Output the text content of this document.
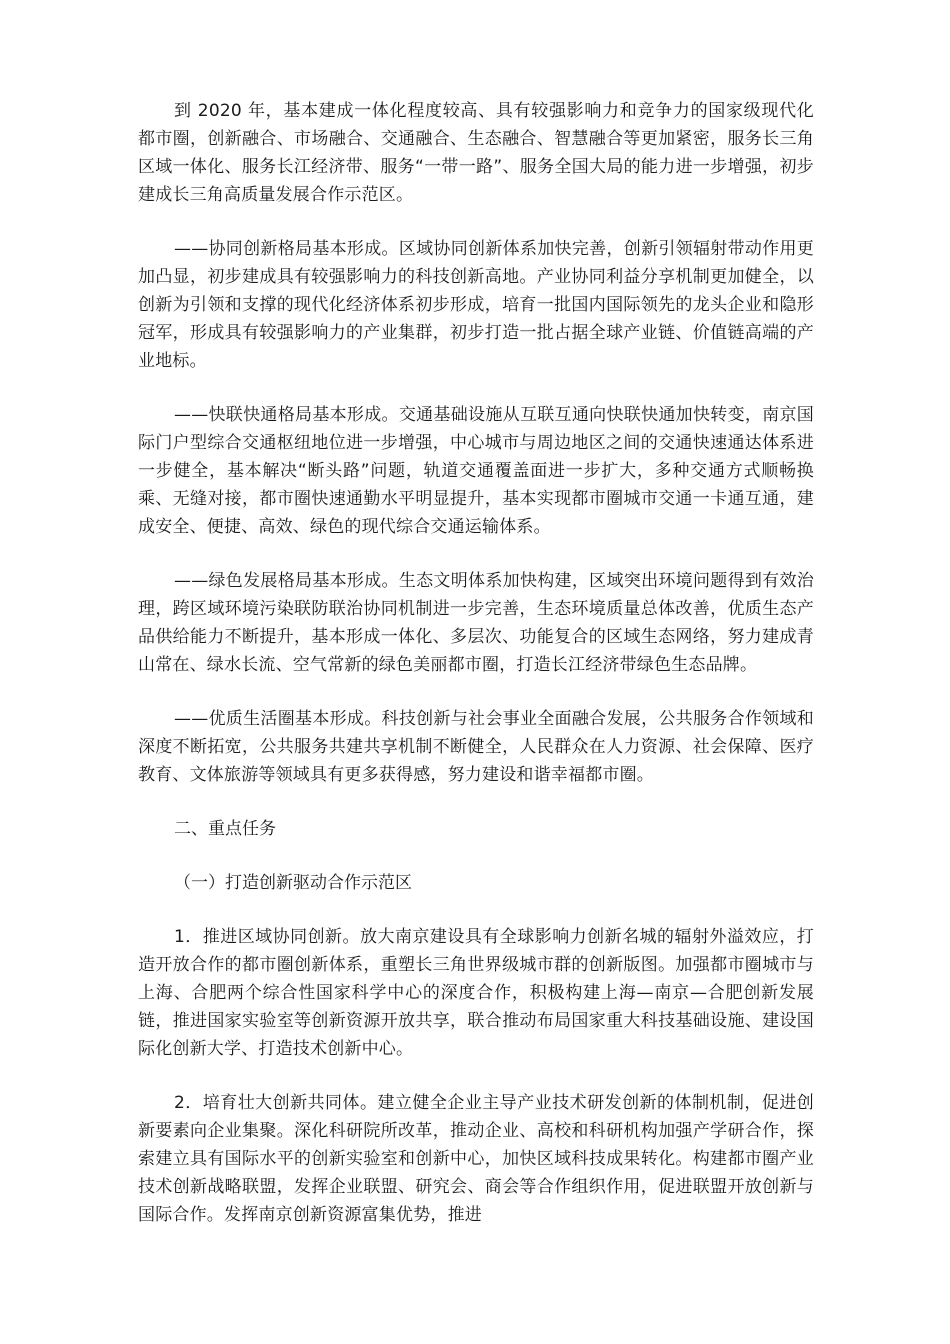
到 2020 年，基本建成一体化程度较高、具有较强影响力和竞争力的国家级现代化都市圈，创新融合、市场融合、交通融合、生态融合、智慧融合等更加紧密，服务长三角区域一体化、服务长江经济带、服务“一带一路”、服务全国大局的能力进一步增强，初步建成长三角高质量发展合作示范区。

——协同创新格局基本形成。区域协同创新体系加快完善，创新引领辐射带动作用更加凸显，初步建成具有较强影响力的科技创新高地。产业协同利益分享机制更加健全，以创新为引领和支撑的现代化经济体系初步形成，培育一批国内国际领先的龙头企业和隐形冠军，形成具有较强影响力的产业集群，初步打造一批占据全球产业链、价值链高端的产业地标。

——快联快通格局基本形成。交通基础设施从互联互通向快联快通加快转变，南京国际门户型综合交通枢纽地位进一步增强，中心城市与周边地区之间的交通快速通达体系进一步健全，基本解决“断头路”问题，轨道交通覆盖面进一步扩大，多种交通方式顺畅换乘、无缝对接，都市圈快速通勤水平明显提升，基本实现都市圈城市交通一卡通互通，建成安全、便捷、高效、绿色的现代综合交通运输体系。

——绿色发展格局基本形成。生态文明体系加快构建，区域突出环境问题得到有效治理，跨区域环境污染联防联治协同机制进一步完善，生态环境质量总体改善，优质生态产品供给能力不断提升，基本形成一体化、多层次、功能复合的区域生态网络，努力建成青山常在、绿水长流、空气常新的绿色美丽都市圈，打造长江经济带绿色生态品牌。

——优质生活圈基本形成。科技创新与社会事业全面融合发展，公共服务合作领域和深度不断拓宽，公共服务共建共享机制不断健全，人民群众在人力资源、社会保障、医疗教育、文体旅游等领域具有更多获得感，努力建设和谐幸福都市圈。

二、重点任务

（一）打造创新驱动合作示范区

1．推进区域协同创新。放大南京建设具有全球影响力创新名城的辐射外溢效应，打造开放合作的都市圈创新体系，重塑长三角世界级城市群的创新版图。加强都市圈城市与上海、合肥两个综合性国家科学中心的深度合作，积极构建上海—南京—合肥创新发展链，推进国家实验室等创新资源开放共享，联合推动布局国家重大科技基础设施、建设国际化创新大学、打造技术创新中心。

2．培育壮大创新共同体。建立健全企业主导产业技术研发创新的体制机制，促进创新要素向企业集聚。深化科研院所改革，推动企业、高校和科研机构加强产学研合作，探索建立具有国际水平的创新实验室和创新中心，加快区域科技成果转化。构建都市圈产业技术创新战略联盟，发挥企业联盟、研究会、商会等合作组织作用，促进联盟开放创新与国际合作。发挥南京创新资源富集优势，推进
